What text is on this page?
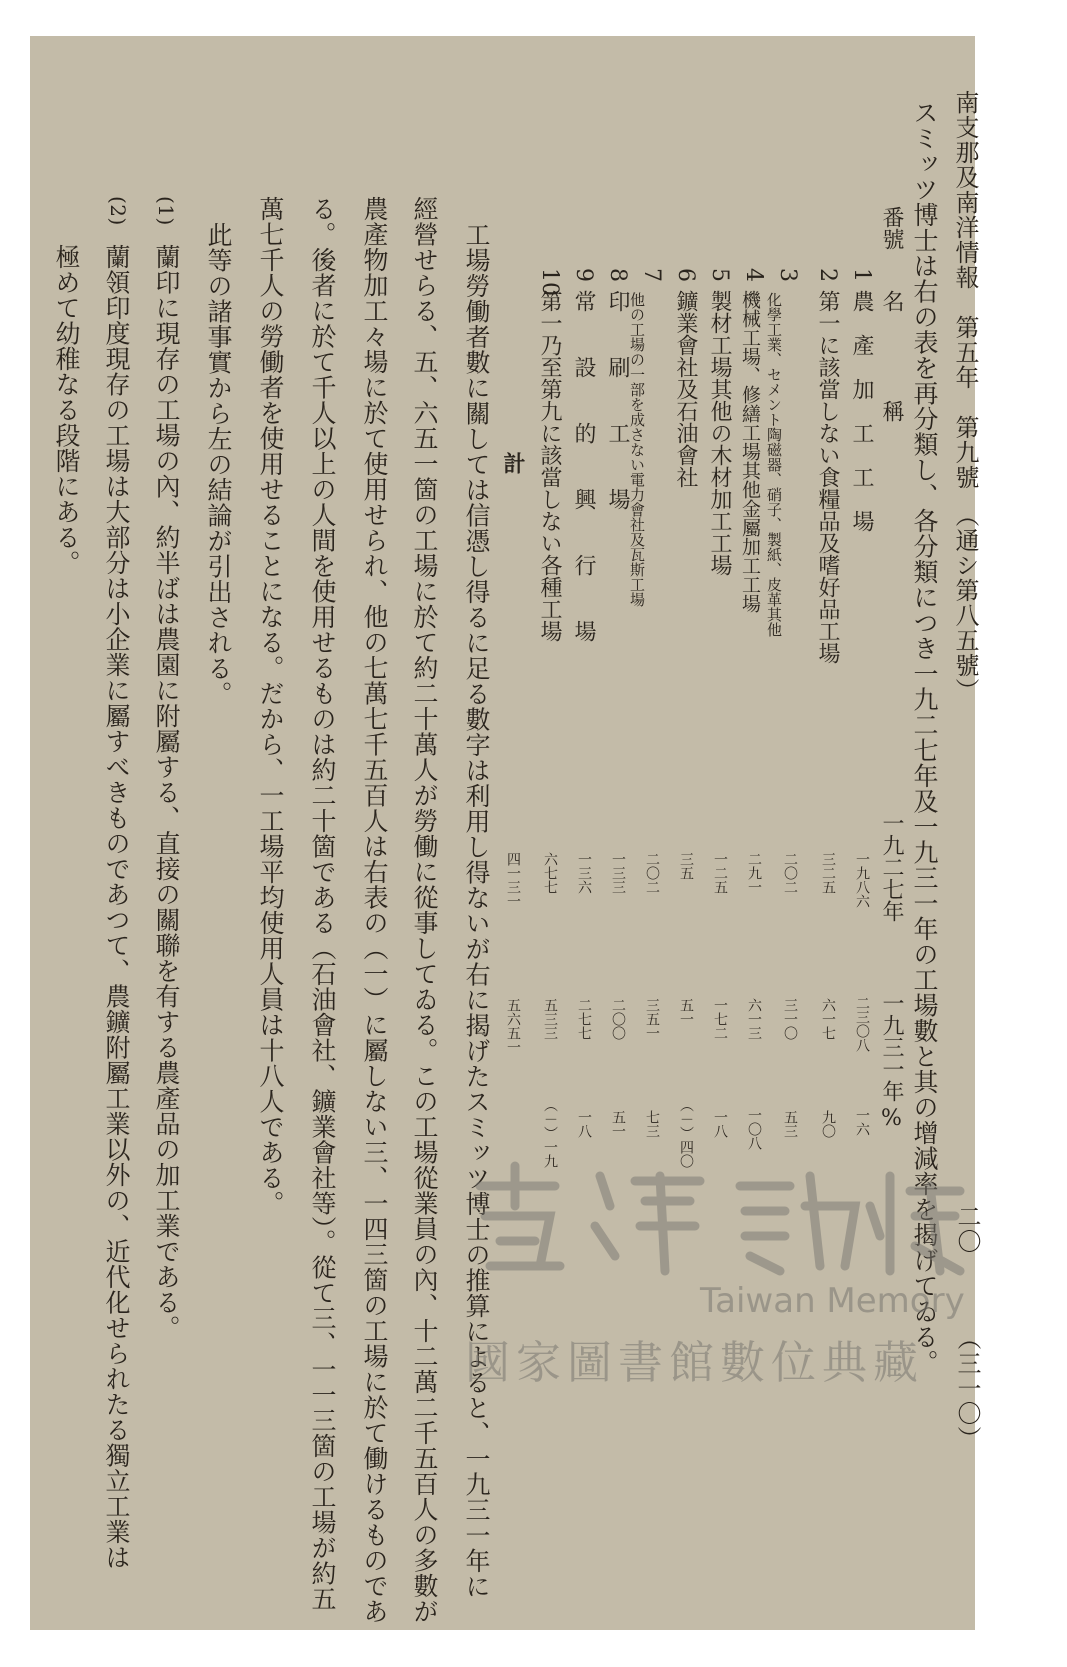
南支那及南洋情報　第五年　第九號　（通シ第八五號）
二〇
（三一〇）
スミッツ博士は右の表を再分類し、各分類につき一九二七年及一九三一年の工場數と其の增減率を揭げてゐる。
番號
名　　　　稱
一九二七年
一九三一年
%
1
農　產　加　工　工　場
一九八六
二三〇八
一六
2
第一に該當しない食糧品及嗜好品工場
三二五
六一七
九〇
3
化學工業、セメント陶磁器、硝子、製紙、皮革其他
二〇二
三一〇
五三
4
機械工場、修繕工場其他金屬加工工場
二九一
六一三
一〇八
5
製材工場其他の木材加工工場
一二五
一七二
一八
6
鑛業會社及石油會社
三五
五一
（－）四〇
7
他の工場の一部を成さない電力會社及瓦斯工場
二〇二
三五一
七三
8
印　　刷　　工　　場
一三三
二〇〇
五一
9
常　　設　　的　　興　　行　　場
一三六
二七七
一八
10
第一乃至第九に該當しない各種工場
六七七
五三三
（－）一九
計
四一三一
五六五一
工場勞働者數に關しては信憑し得るに足る數字は利用し得ないが右に揭げたスミッツ博士の推算によると、一九三一年に
經營せらる、五、六五一箇の工場に於て約二十萬人が勞働に從事してゐる。この工場從業員の內、十二萬二千五百人の多數が
農產物加工々場に於て使用せられ、他の七萬七千五百人は右表の（一）に屬しない三、一四三箇の工場に於て働けるものであ
る。後者に於て千人以上の人間を使用せるものは約二十箇である（石油會社、鑛業會社等）。從て三、一一三箇の工場が約五
萬七千人の勞働者を使用せることになる。だから、一工場平均使用人員は十八人である。
此等の諸事實から左の結論が引出される。
(1)
蘭印に現存の工場の內、約半ばは農園に附屬する、直接の關聯を有する農產品の加工業である。
(2)
蘭領印度現存の工場は大部分は小企業に屬すべきものであつて、農鑛附屬工業以外の、近代化せられたる獨立工業は
極めて幼稚なる段階にある。
Taiwan Memory
國家圖書館數位典藏
